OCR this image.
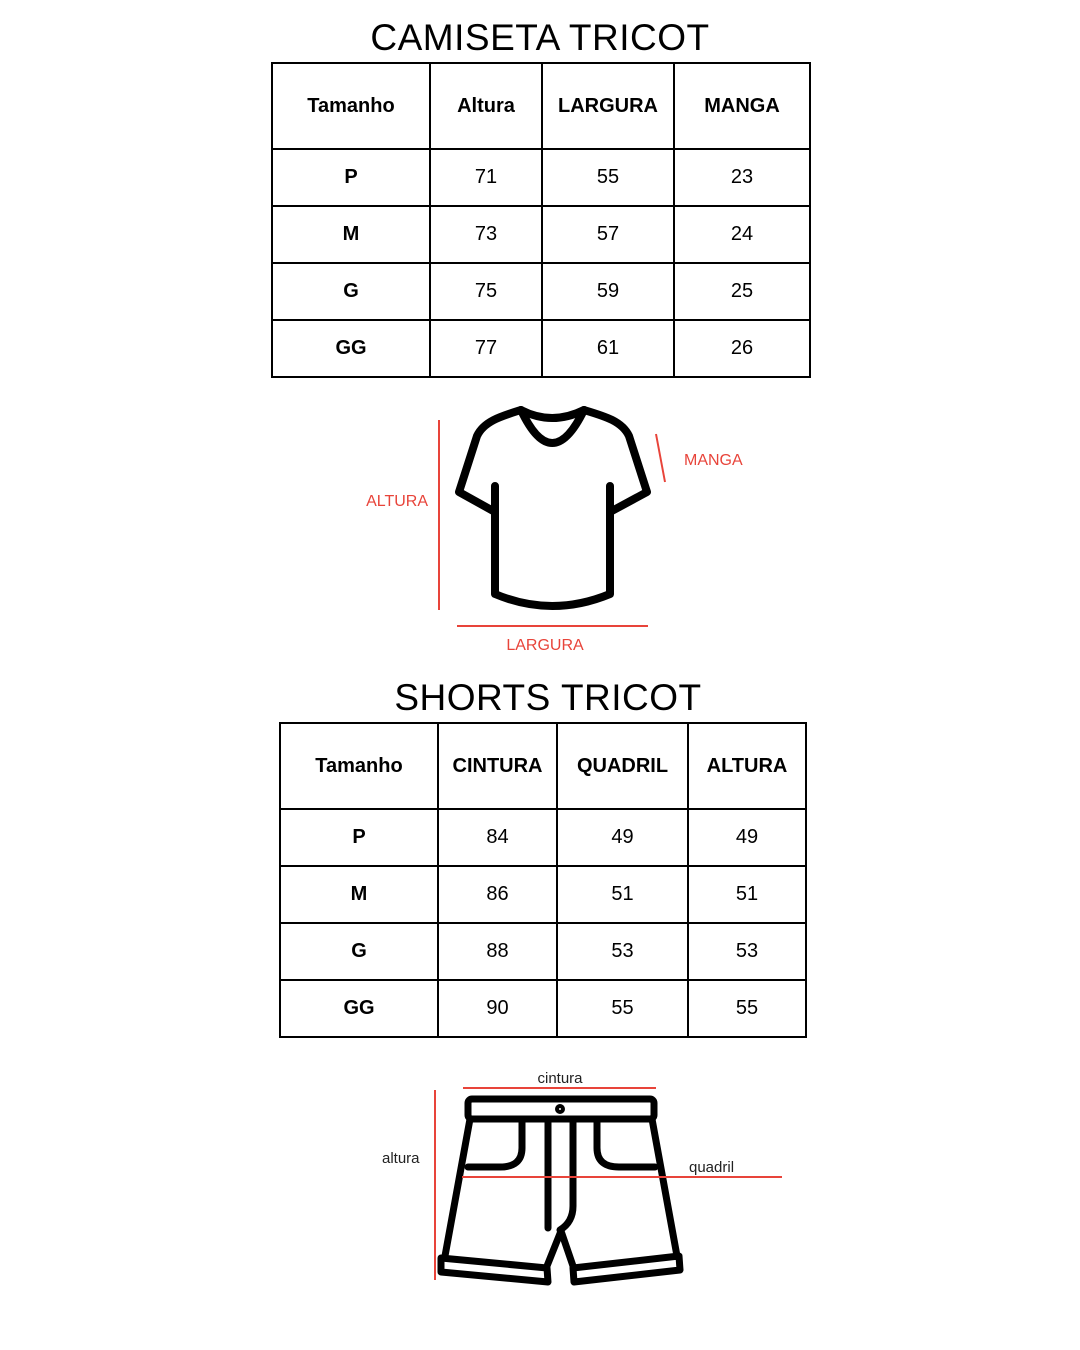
CAMISETA TRICOT
Tamanho	Altura	LARGURA	MANGA
P	71	55	23
M	73	57	24
G	75	59	25
GG	77	61	26
ALTURA
MANGA
LARGURA
SHORTS TRICOT
Tamanho	CINTURA	QUADRIL	ALTURA
P	84	49	49
M	86	51	51
G	88	53	53
GG	90	55	55
cintura
altura
quadril
